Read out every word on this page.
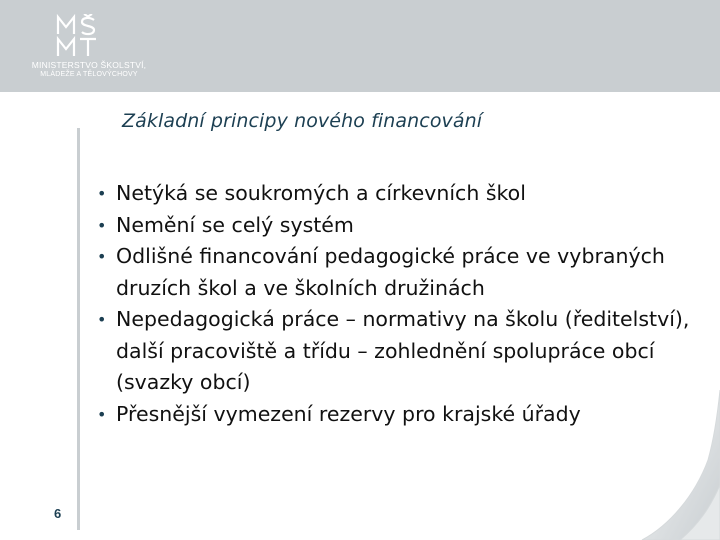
MINISTERSTVO ŠKOLSTVÍ,
MLÁDEŽE A TĚLOVÝCHOVY
Základní principy nového financování
• Netýká se soukromých a církevních škol
• Nemění se celý systém
• Odlišné financování pedagogické práce ve vybraných druzích škol a ve školních družinách
• Nepedagogická práce – normativy na školu (ředitelství), další pracoviště a třídu – zohlednění spolupráce obcí (svazky obcí)
• Přesnější vymezení rezervy pro krajské úřady
6
